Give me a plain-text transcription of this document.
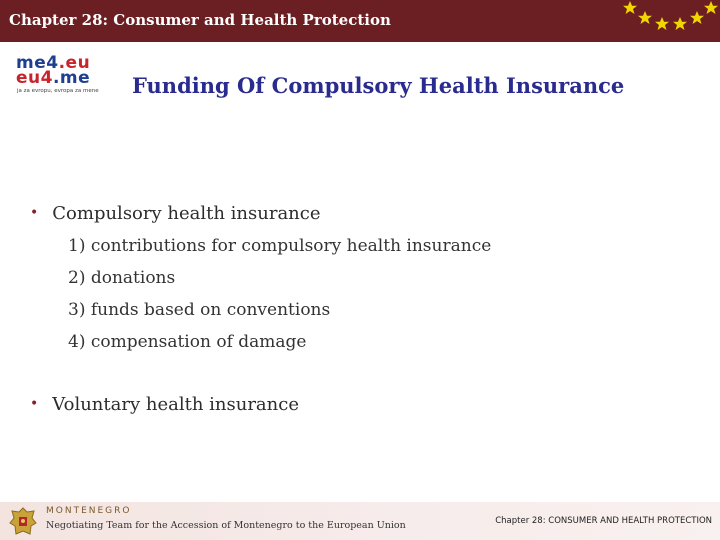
Chapter 28: Consumer and Health Protection
me4.eu
eu4.me
ja za evropu, evropa za mene Funding Of Compulsory Health Insurance
• Compulsory health insurance
1) contributions for compulsory health insurance
2) donations
3) funds based on conventions
4) compensation of damage
• Voluntary health insurance
MONTENEGRO
Negotiating Team for the Accession of Montenegro to the European Union	Chapter 28: CONSUMER AND HEALTH PROTECTION
